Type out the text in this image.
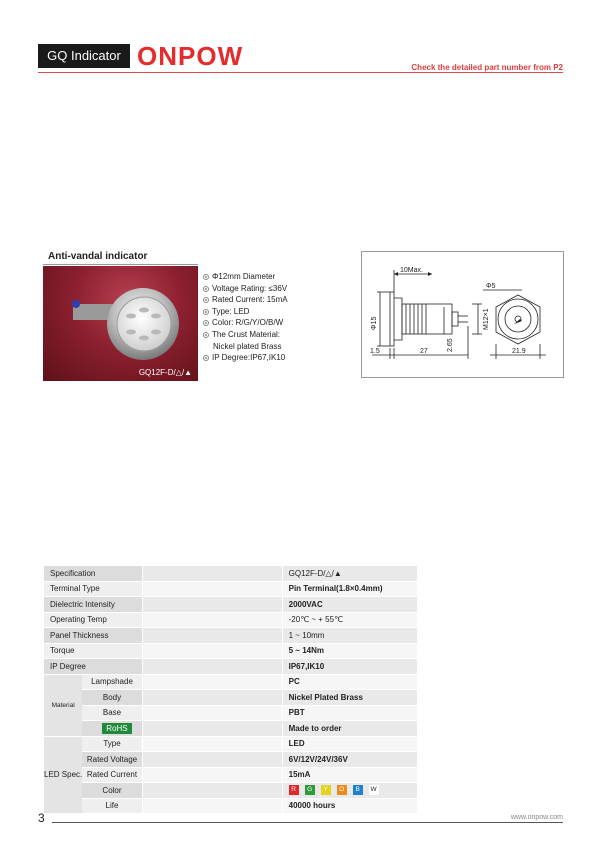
GQ Indicator ONPOW	Check the detailed part number from P2
Anti-vandal indicator
GQ12F-D/△/▲
Φ12mm Diameter
Voltage Rating: ≤36V
Rated Current: 15mA
Type: LED
Color: R/G/Y/O/B/W
The Crust Material:
Nickel plated Brass
IP Degree:IP67,IK10
10Max.
Φ15	M12×1
2.65
1.5	27
Φ5
21.9
Specification			GQ12F-D/△/▲	
Terminal Type			Pin Terminal(1.8×0.4mm)	
Dielectric Intensity			2000VAC	
Operating Temp			-20℃ ~ + 55℃	
Panel Thickness			1 ~ 10mm	
Torque			5 ~ 14Nm	
IP Degree			IP67,IK10	
Material	Lampshade		PC	
	Body		Nickel Plated Brass	
	Base		PBT	
	RoHS		Made to order	
LED Spec.	Type		LED	
	Rated Voltage		6V/12V/24V/36V	
	Rated Current		15mA	
	Color		R G Y O B W	
	Life		40000 hours	
3	www.onpow.com
